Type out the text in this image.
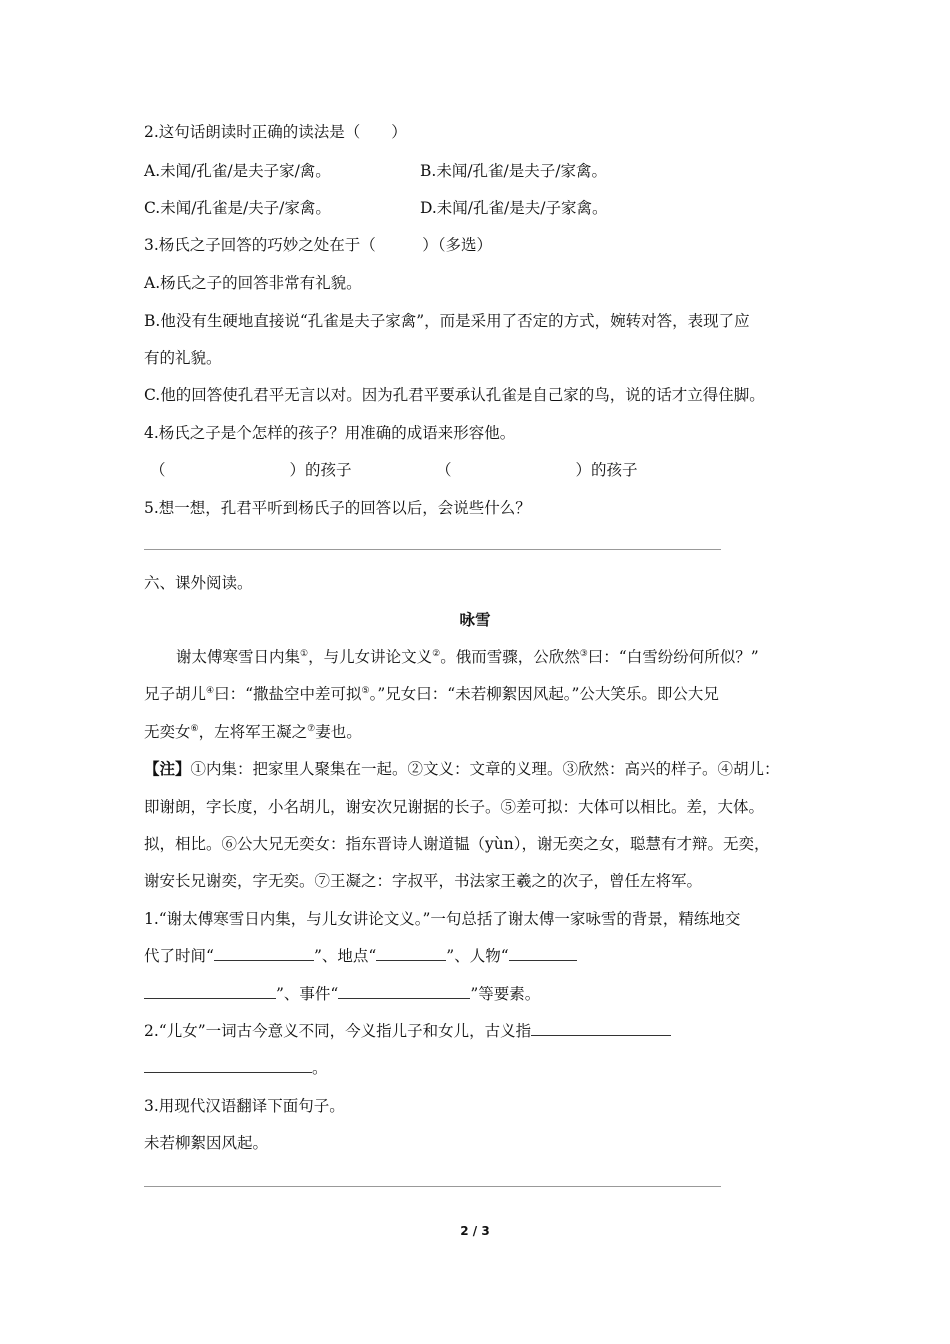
2.这句话朗读时正确的读法是（　　）
A.未闻/孔雀/是夫子家/禽。	B.未闻/孔雀/是夫子/家禽。
C.未闻/孔雀是/夫子/家禽。	D.未闻/孔雀/是夫/子家禽。
3.杨氏之子回答的巧妙之处在于（　　　）（多选）
A.杨氏之子的回答非常有礼貌。
B.他没有生硬地直接说“孔雀是夫子家禽”，而是采用了否定的方式，婉转对答，表现了应
有的礼貌。
C.他的回答使孔君平无言以对。因为孔君平要承认孔雀是自己家的鸟，说的话才立得住脚。
4.杨氏之子是个怎样的孩子？用准确的成语来形容他。
（　　　　　　　　）的孩子	（　　　　　　　　）的孩子
5.想一想，孔君平听到杨氏子的回答以后，会说些什么？
六、课外阅读。
咏雪
谢太傅寒雪日内集①，与儿女讲论文义②。俄而雪骤，公欣然③曰：“白雪纷纷何所似？”
兄子胡儿④曰：“撒盐空中差可拟⑤。”兄女曰：“未若柳絮因风起。”公大笑乐。即公大兄
无奕女⑥，左将军王凝之⑦妻也。
【注】①内集：把家里人聚集在一起。②文义：文章的义理。③欣然：高兴的样子。④胡儿：
即谢朗，字长度，小名胡儿，谢安次兄谢据的长子。⑤差可拟：大体可以相比。差，大体。
拟，相比。⑥公大兄无奕女：指东晋诗人谢道韫（yùn），谢无奕之女，聪慧有才辩。无奕，
谢安长兄谢奕，字无奕。⑦王凝之：字叔平，书法家王羲之的次子，曾任左将军。
1.“谢太傅寒雪日内集，与儿女讲论文义。”一句总括了谢太傅一家咏雪的背景，精练地交
代了时间“	”、地点“	”、人物“
”、事件“	”等要素。
2.“儿女”一词古今意义不同，今义指儿子和女儿，古义指
。
3.用现代汉语翻译下面句子。
未若柳絮因风起。
2 / 3
